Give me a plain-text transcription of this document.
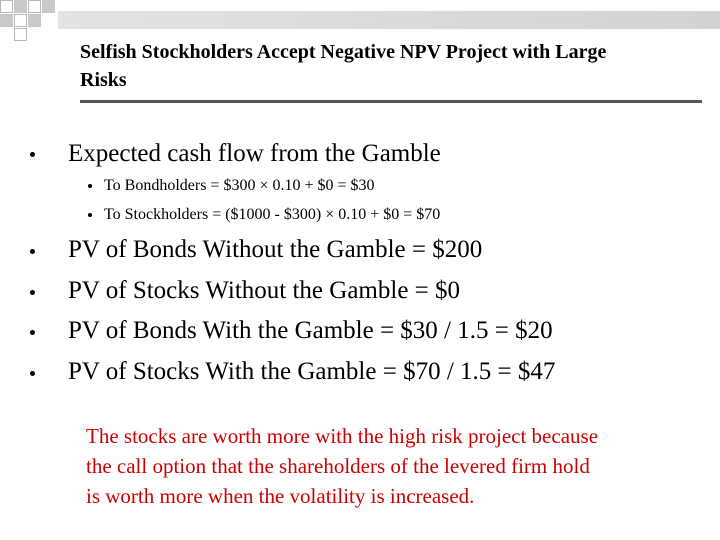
Selfish Stockholders Accept Negative NPV Project with Large
Risks
Expected cash flow from the Gamble
To Bondholders = $300 × 0.10 + $0 = $30
To Stockholders = ($1000 - $300) × 0.10 + $0 = $70
PV of Bonds Without the Gamble = $200
PV of Stocks Without the Gamble = $0
PV of Bonds With the Gamble = $30 / 1.5 = $20
PV of Stocks With the Gamble = $70 / 1.5 = $47
The stocks are worth more with the high risk project because
the call option that the shareholders of the levered firm hold
is worth more when the volatility is increased.
